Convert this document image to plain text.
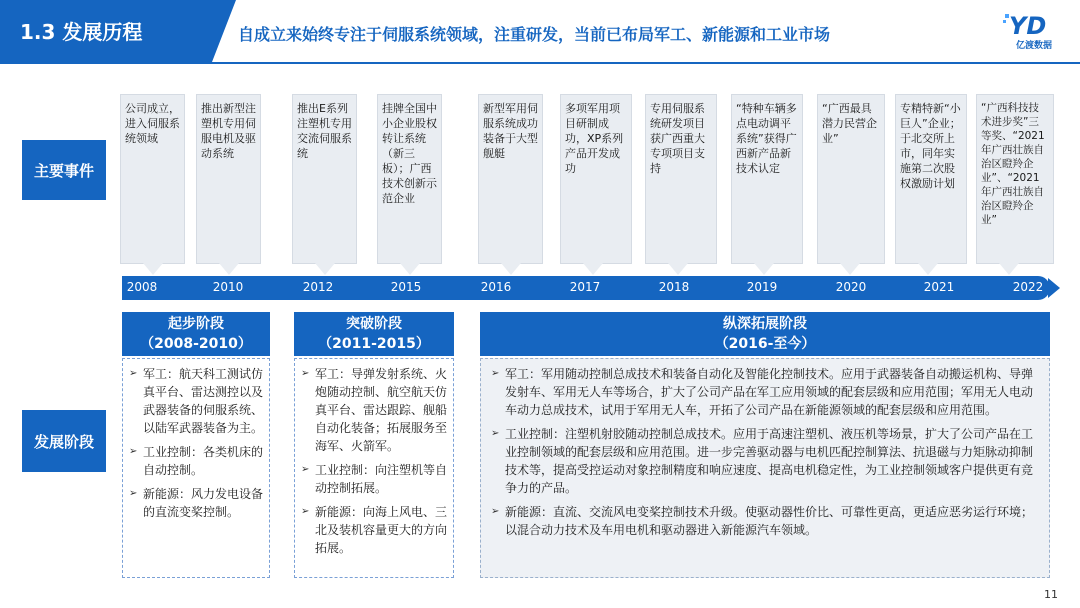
1.3 发展历程	自成立来始终专注于伺服系统领域，注重研发，当前已布局军工、新能源和工业市场	YD
亿渡数据
主要事件
发展阶段
公司成立，进入伺服系统领域
推出新型注塑机专用伺服电机及驱动系统
推出E系列注塑机专用交流伺服系统
挂牌全国中小企业股权转让系统（新三板）；广西技术创新示范企业
新型军用伺服系统成功装备于大型舰艇
多项军用项目研制成功，XP系列产品开发成功
专用伺服系统研发项目获广西重大专项项目支持
“特种车辆多点电动调平系统”获得广西新产品新技术认定
“广西最具潜力民营企业”
专精特新“小巨人”企业；于北交所上市，同年实施第二次股权激励计划
“广西科技技术进步奖”三等奖、“2021年广西壮族自治区瞪羚企业”、“2021年广西壮族自治区瞪羚企业”
2008	2010	2012	2015	2016	2017	2018	2019	2020	2021	2022
起步阶段
（2008-2010）
➢ 军工：航天科工测试仿真平台、雷达测控以及武器装备的伺服系统、以陆军武器装备为主。
➢ 工业控制：各类机床的自动控制。
➢ 新能源：风力发电设备的直流变桨控制。
突破阶段
（2011-2015）
➢ 军工：导弹发射系统、火炮随动控制、航空航天仿真平台、雷达跟踪、舰船自动化装备；拓展服务至海军、火箭军。
➢ 工业控制：向注塑机等自动控制拓展。
➢ 新能源：向海上风电、三北及装机容量更大的方向拓展。
纵深拓展阶段
（2016-至今）
➢ 军工：军用随动控制总成技术和装备自动化及智能化控制技术。应用于武器装备自动搬运机构、导弹发射车、军用无人车等场合，扩大了公司产品在军工应用领域的配套层级和应用范围；军用无人电动车动力总成技术，试用于军用无人车，开拓了公司产品在新能源领域的配套层级和应用范围。
➢ 工业控制：注塑机射胶随动控制总成技术。应用于高速注塑机、液压机等场景，扩大了公司产品在工业控制领域的配套层级和应用范围。进一步完善驱动器与电机匹配控制算法、抗退磁与力矩脉动抑制技术等，提高受控运动对象控制精度和响应速度、提高电机稳定性，为工业控制领域客户提供更有竞争力的产品。
➢ 新能源：直流、交流风电变桨控制技术升级。使驱动器性价比、可靠性更高，更适应恶劣运行环境；以混合动力技术及车用电机和驱动器进入新能源汽车领域。
11
